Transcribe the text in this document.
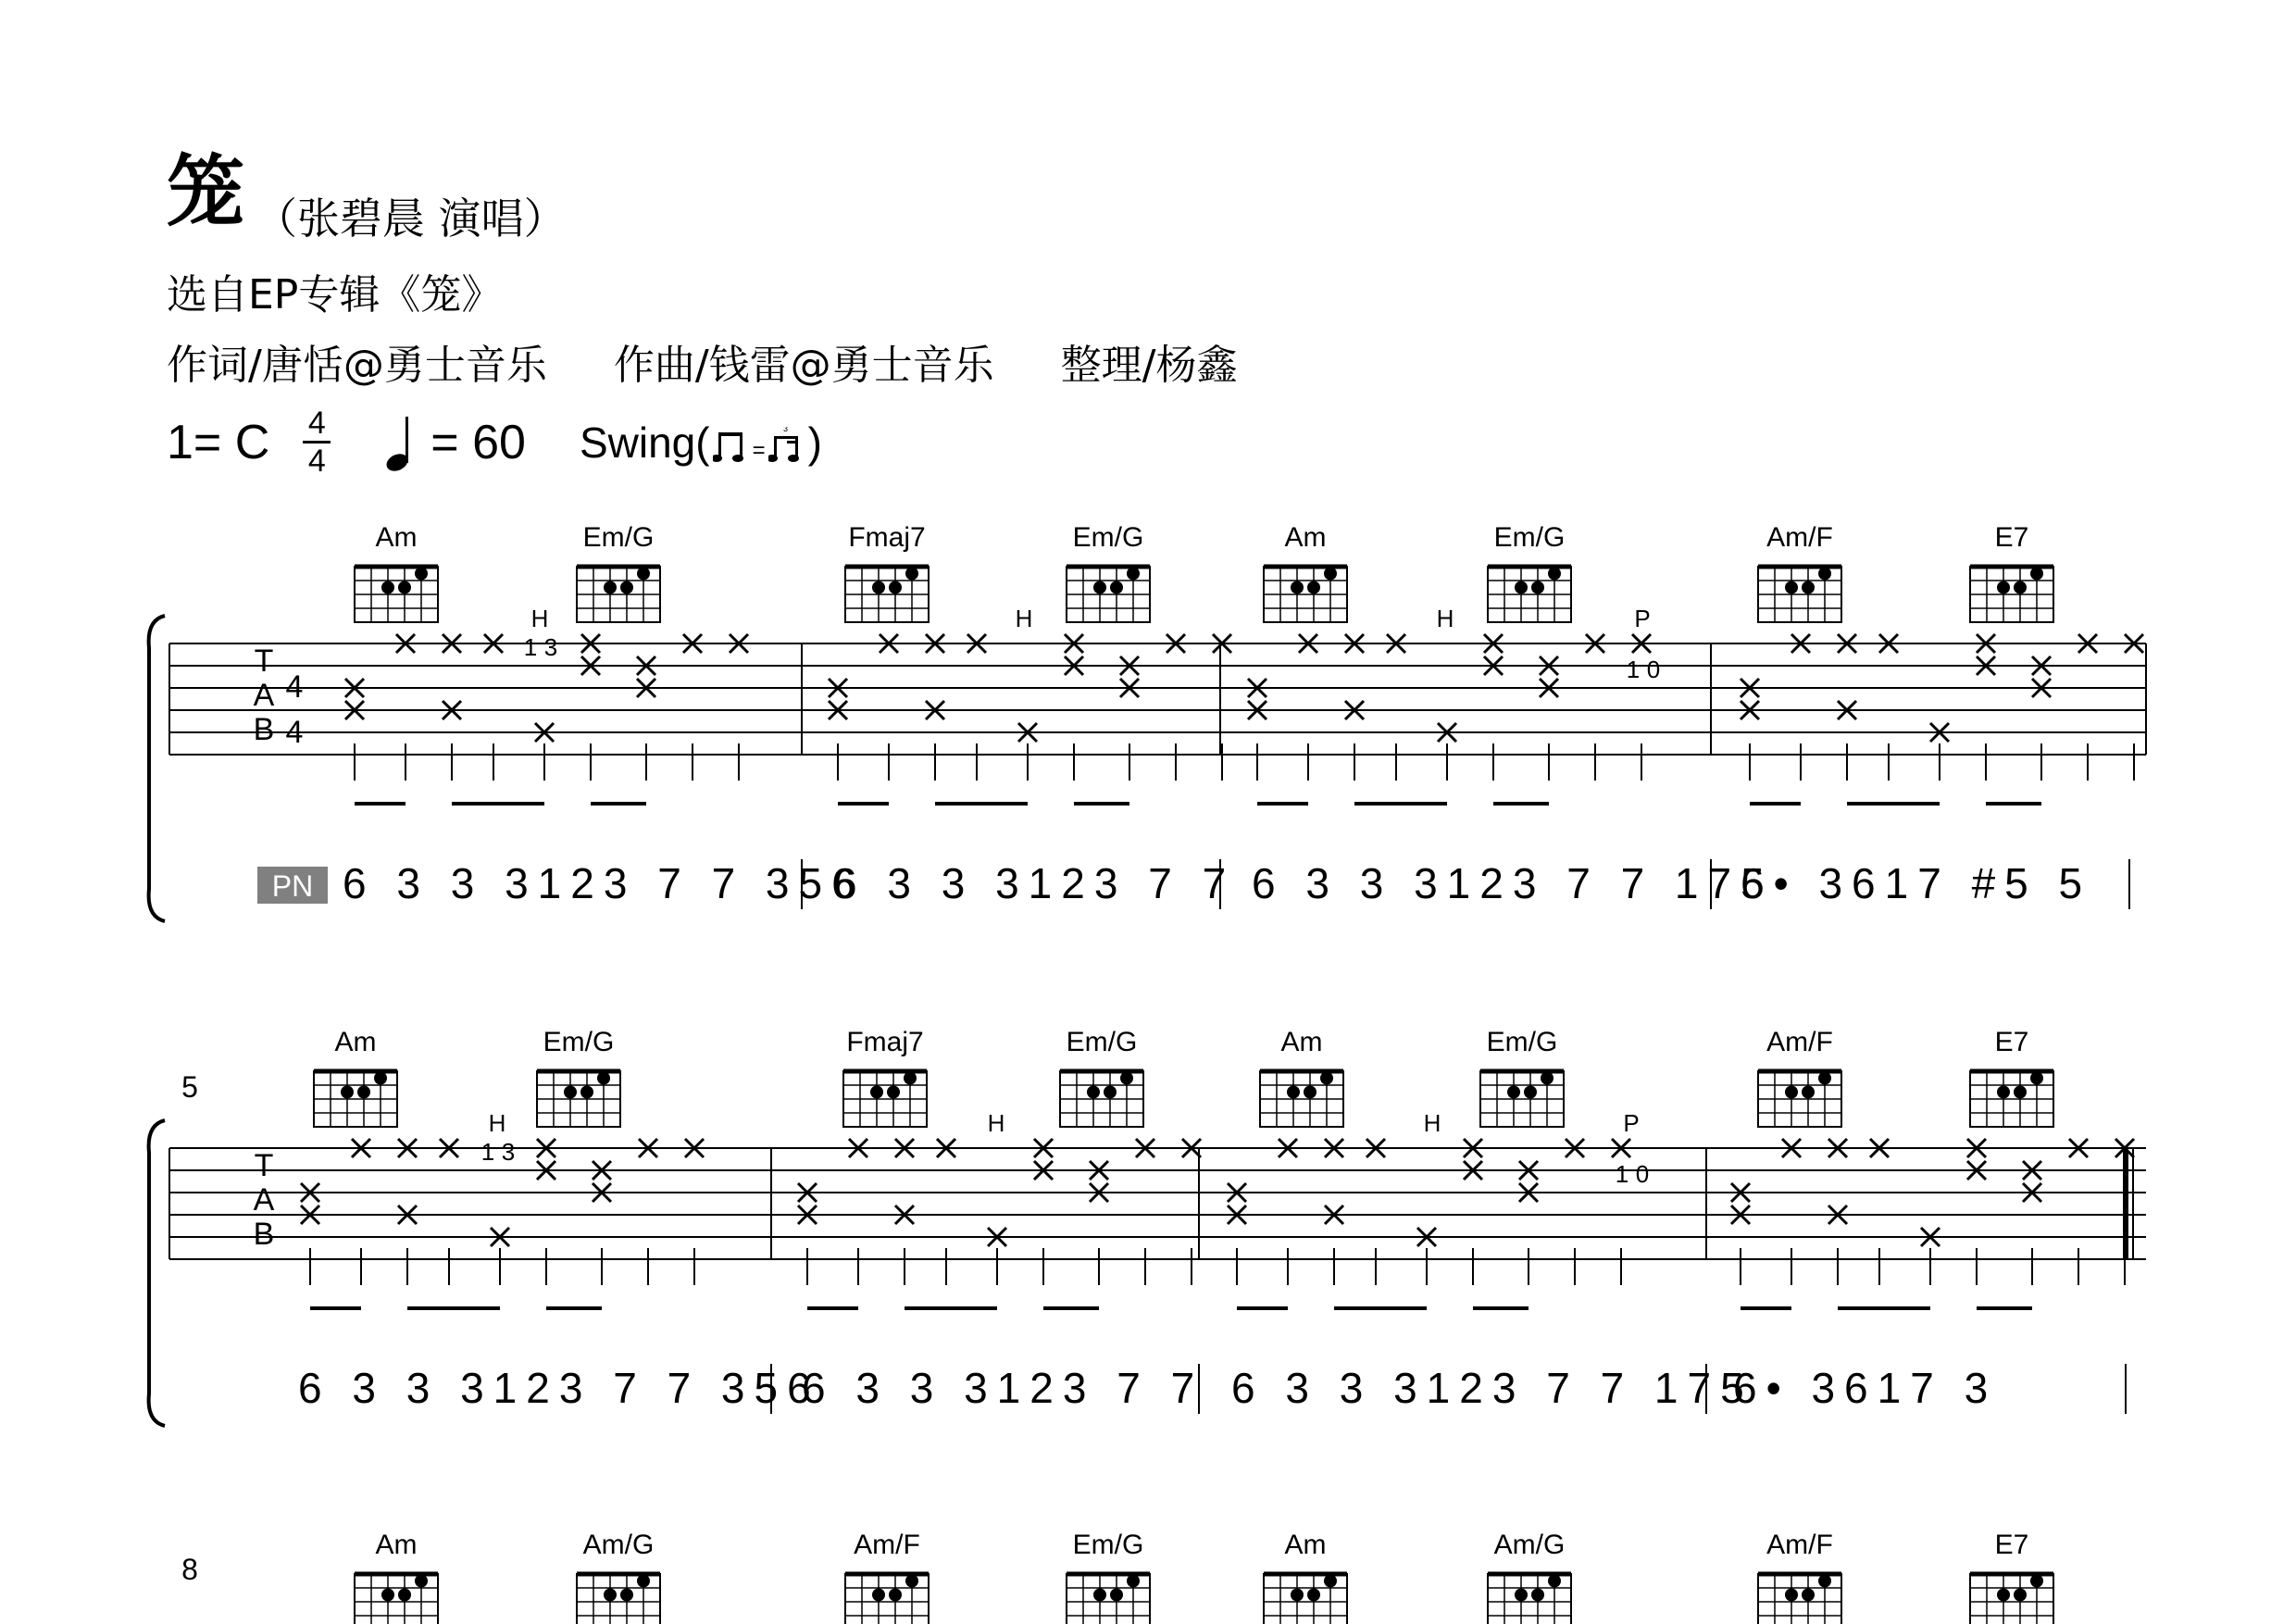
笼 （张碧晨 演唱）
选自EP专辑《笼》
作词/唐恬@勇士音乐 作曲/钱雷@勇士音乐 整理/杨鑫
1= C $\frac{4}{4} = 60$ Swing( =
3 )
Am	Em/G	Fmaj7	Em/G	Am	Em/G	Am/F	E7
T
A
B
4
4
H	H	H	P
1 3
1 0
PN 6 3 3 3123 7 7 356
6 3 3 3123 7 7 6 3 3 3123 7 7 175
6• 3617 #5 5
5
Am	Em/G	Fmaj7	Em/G	Am	Em/G	Am/F	E7
T
A
B
H	H	H	P
1 3
1 0
6 3 3 3123 7 7 356
6 3 3 3123 7 7 6 3 3 3123 7 7 175
6• 3617 3
8
Am	Am/G	Am/F	Em/G	Am	Am/G	Am/F	E7
